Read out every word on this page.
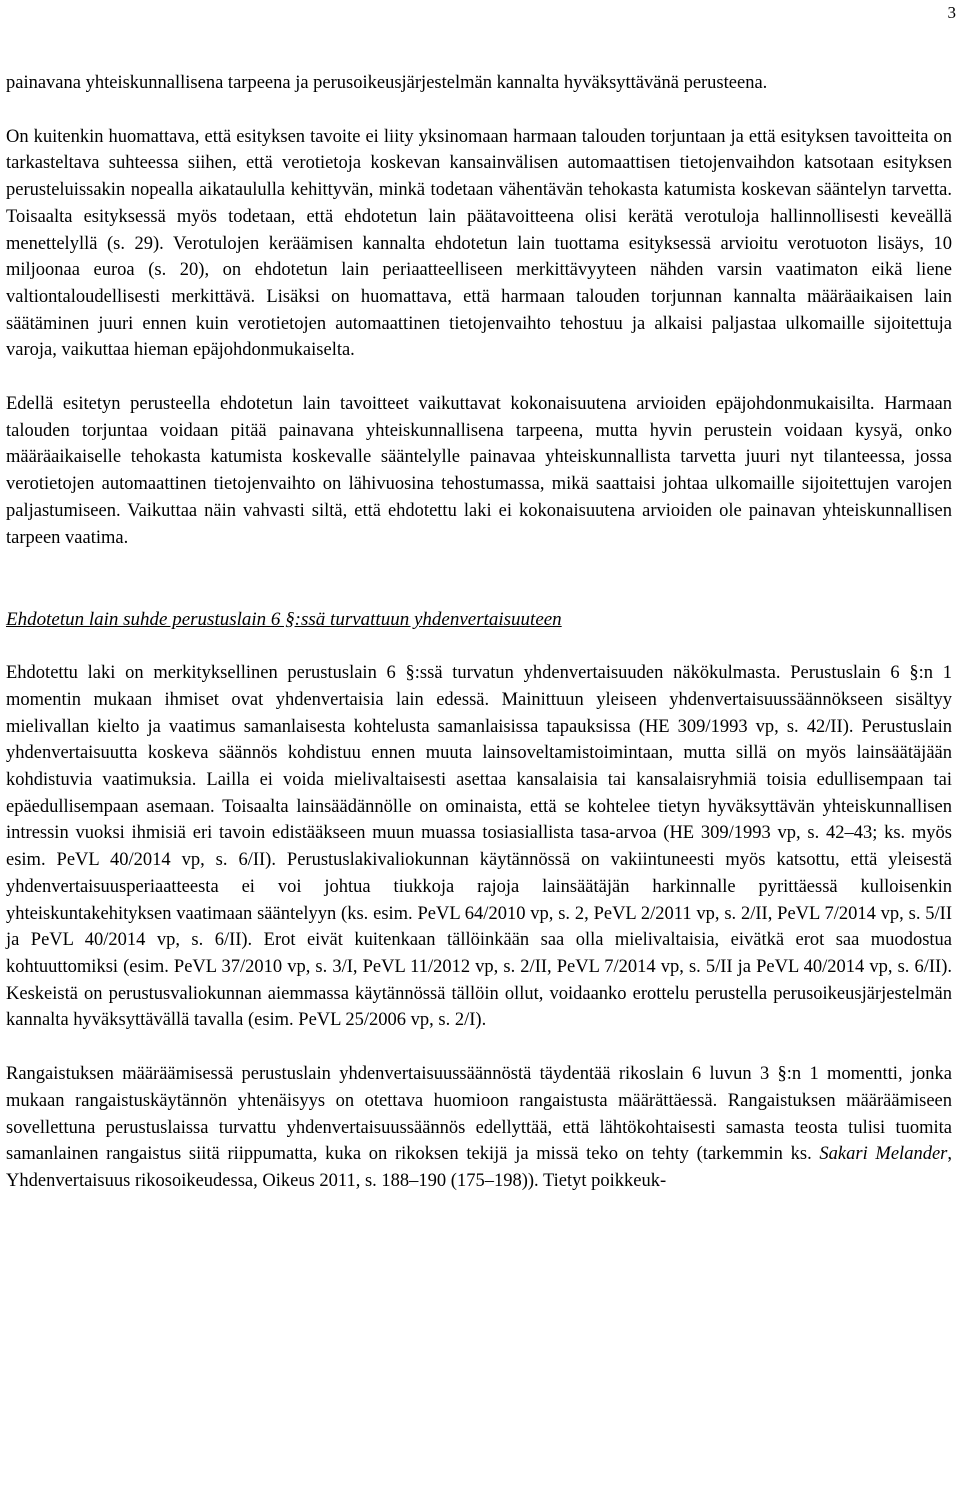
3

painavana yhteiskunnallisena tarpeena ja perusoikeusjärjestelmän kannalta hyväksyttävänä perusteena.

On kuitenkin huomattava, että esityksen tavoite ei liity yksinomaan harmaan talouden torjuntaan ja että esityksen tavoitteita on tarkasteltava suhteessa siihen, että verotietoja koskevan kansainvälisen automaattisen tietojenvaihdon katsotaan esityksen perusteluissakin nopealla aikataululla kehittyvän, minkä todetaan vähentävän tehokasta katumista koskevan sääntelyn tarvetta. Toisaalta esityksessä myös todetaan, että ehdotetun lain päätavoitteena olisi kerätä verotuloja hallinnollisesti keveällä menettelyllä (s. 29). Verotulojen keräämisen kannalta ehdotetun lain tuottama esityksessä arvioitu verotuoton lisäys, 10 miljoonaa euroa (s. 20), on ehdotetun lain periaatteelliseen merkittävyyteen nähden varsin vaatimaton eikä liene valtiontaloudellisesti merkittävä. Lisäksi on huomattava, että harmaan talouden torjunnan kannalta määräaikaisen lain säätäminen juuri ennen kuin verotietojen automaattinen tietojenvaihto tehostuu ja alkaisi paljastaa ulkomaille sijoitettuja varoja, vaikuttaa hieman epäjohdonmukaiselta.

Edellä esitetyn perusteella ehdotetun lain tavoitteet vaikuttavat kokonaisuutena arvioiden epäjohdonmukaisilta. Harmaan talouden torjuntaa voidaan pitää painavana yhteiskunnallisena tarpeena, mutta hyvin perustein voidaan kysyä, onko määräaikaiselle tehokasta katumista koskevalle sääntelylle painavaa yhteiskunnallista tarvetta juuri nyt tilanteessa, jossa verotietojen automaattinen tietojenvaihto on lähivuosina tehostumassa, mikä saattaisi johtaa ulkomaille sijoitettujen varojen paljastumiseen. Vaikuttaa näin vahvasti siltä, että ehdotettu laki ei kokonaisuutena arvioiden ole painavan yhteiskunnallisen tarpeen vaatima.

Ehdotetun lain suhde perustuslain 6 §:ssä turvattuun yhdenvertaisuuteen

Ehdotettu laki on merkityksellinen perustuslain 6 §:ssä turvatun yhdenvertaisuuden näkökulmasta. Perustuslain 6 §:n 1 momentin mukaan ihmiset ovat yhdenvertaisia lain edessä. Mainittuun yleiseen yhdenvertaisuussäännökseen sisältyy mielivallan kielto ja vaatimus samanlaisesta kohtelusta samanlaisissa tapauksissa (HE 309/1993 vp, s. 42/II). Perustuslain yhdenvertaisuutta koskeva säännös kohdistuu ennen muuta lainsoveltamistoimintaan, mutta sillä on myös lainsäätäjään kohdistuvia vaatimuksia. Lailla ei voida mielivaltaisesti asettaa kansalaisia tai kansalaisryhmiä toisia edullisempaan tai epäedullisempaan asemaan. Toisaalta lainsäädännölle on ominaista, että se kohtelee tietyn hyväksyttävän yhteiskunnallisen intressin vuoksi ihmisiä eri tavoin edistääkseen muun muassa tosiasiallista tasa-arvoa (HE 309/1993 vp, s. 42–43; ks. myös esim. PeVL 40/2014 vp, s. 6/II). Perustuslakivaliokunnan käytännössä on vakiintuneesti myös katsottu, että yleisestä yhdenvertaisuusperiaatteesta ei voi johtua tiukkoja rajoja lainsäätäjän harkinnalle pyrittäessä kulloisenkin yhteiskuntakehityksen vaatimaan sääntelyyn (ks. esim. PeVL 64/2010 vp, s. 2, PeVL 2/2011 vp, s. 2/II, PeVL 7/2014 vp, s. 5/II ja PeVL 40/2014 vp, s. 6/II). Erot eivät kuitenkaan tällöinkään saa olla mielivaltaisia, eivätkä erot saa muodostua kohtuuttomiksi (esim. PeVL 37/2010 vp, s. 3/I, PeVL 11/2012 vp, s. 2/II, PeVL 7/2014 vp, s. 5/II ja PeVL 40/2014 vp, s. 6/II). Keskeistä on perustusvaliokunnan aiemmassa käytännössä tällöin ollut, voidaanko erottelu perustella perusoikeusjärjestelmän kannalta hyväksyttävällä tavalla (esim. PeVL 25/2006 vp, s. 2/I).

Rangaistuksen määräämisessä perustuslain yhdenvertaisuussäännöstä täydentää rikoslain 6 luvun 3 §:n 1 momentti, jonka mukaan rangaistuskäytännön yhtenäisyys on otettava huomioon rangaistusta määrättäessä. Rangaistuksen määräämiseen sovellettuna perustuslaissa turvattu yhdenvertaisuussäännös edellyttää, että lähtökohtaisesti samasta teosta tulisi tuomita samanlainen rangaistus siitä riippumatta, kuka on rikoksen tekijä ja missä teko on tehty (tarkemmin ks. Sakari Melander, Yhdenvertaisuus rikosoikeudessa, Oikeus 2011, s. 188–190 (175–198)). Tietyt poikkeuk-
